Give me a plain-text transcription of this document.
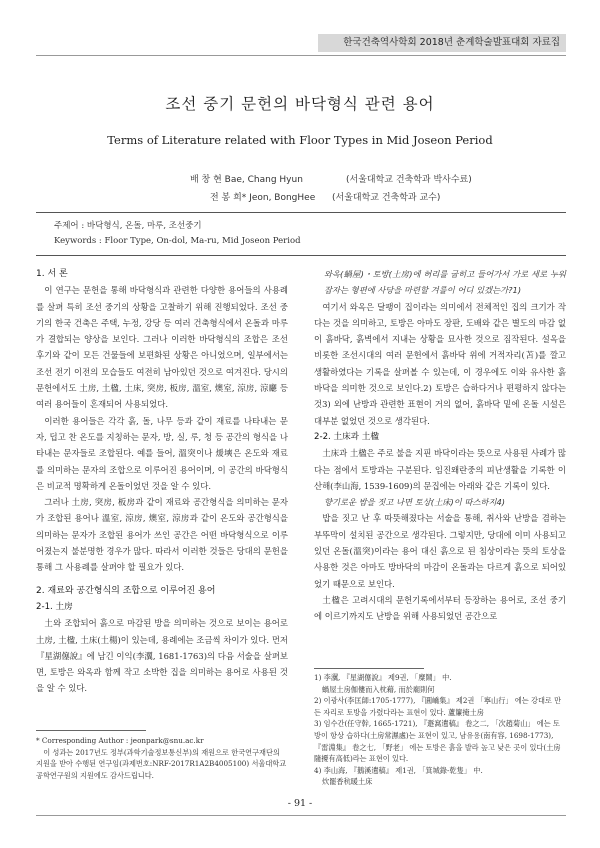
한국건축역사학회 2018년 춘계학술발표대회 자료집
조선 중기 문헌의 바닥형식 관련 용어
Terms of Literature related with Floor Types in Mid Joseon Period
배 창 현 Bae, Chang Hyun	(서울대학교 건축학과 박사수료)
전 봉 희* Jeon, BongHee (서울대학교 건축학과 교수)
주제어 : 바닥형식, 온돌, 마루, 조선중기
Keywords : Floor Type, On-dol, Ma-ru, Mid Joseon Period

1. 서 론

이 연구는 문헌을 통해 바닥형식과 관련한 다양한 용어들의 사용례를 살펴 특히 조선 중기의 상황을 고찰하기 위해 진행되었다. 조선 중기의 한국 건축은 주택, 누정, 강당 등 여러 건축형식에서 온돌과 마루가 결합되는 양상을 보인다. 그러나 이러한 바닥형식의 조합은 조선 후기와 같이 모든 건물들에 보편화된 상황은 아니었으며, 일부에서는 조선 전기 이전의 모습들도 여전히 남아있던 것으로 여겨진다. 당시의 문헌에서도 土房, 土楹, 土床, 突房, 板房, 溫室, 燠室, 涼房, 涼廳 등 여러 용어들이 혼재되어 사용되었다.

이러한 용어들은 각각 흙, 돌, 나무 등과 같이 재료를 나타내는 문자, 덥고 찬 온도를 지칭하는 문자, 방, 실, 루, 청 등 공간의 형식을 나타내는 문자들로 조합된다. 예를 들어, 溫突이나 煖塽은 온도와 재료를 의미하는 문자의 조합으로 이루어진 용어이며, 이 공간의 바닥형식은 비교적 명확하게 온돌이었던 것을 알 수 있다.

그러나 土房, 突房, 板房과 같이 재료와 공간형식을 의미하는 문자가 조합된 용어나 溫室, 涼房, 燠室, 涼房과 같이 온도와 공간형식을 의미하는 문자가 조합된 용어가 쓰인 공간은 어떤 바닥형식으로 이루어졌는지 불분명한 경우가 많다. 따라서 이러한 것들은 당대의 문헌을 통해 그 사용례를 살펴야 할 필요가 있다.

2. 재료와 공간형식의 조합으로 이루어진 용어

2-1. 土房

土와 조합되어 흙으로 마감된 방을 의미하는 것으로 보이는 용어로 土房, 土楹, 土床(土楊)이 있는데, 용례에는 조금씩 차이가 있다. 먼저 『星湖僿說』에 남긴 이익(李瀷, 1681-1763)의 다음 서술을 살펴보면, 토방은 와옥과 함께 작고 소박한 집을 의미하는 용어로 사용된 것을 알 수 있다.

* Corresponding Author : jeonpark@snu.ac.kr
이 성과는 2017년도 정부(과학기술정보통신부)의 재원으로 한국연구재단의 지원을 받아 수행된 연구임(과제번호:NRF-2017R1A2B4005100) 서울대학교 공학연구원의 지원에도 감사드립니다.

와옥(蝸屋)・토방(土房)에 허리를 굽히고 들어가서 가로 세로 누워 잡자는 형편에 사당을 마련할 겨를이 어디 있겠는가?1)

여기서 와옥은 달팽이 집이라는 의미에서 전체적인 집의 크기가 작다는 것을 의미하고, 토방은 아마도 장판, 도배와 같은 별도의 마감 없이 흙바닥, 흙벽에서 지내는 상황을 묘사한 것으로 짐작된다. 설옥을 비롯한 조선시대의 여러 문헌에서 흙바닥 위에 거적자리(苫)를 깔고 생활하였다는 기록을 살펴볼 수 있는데, 이 경우에도 이와 유사한 흙바닥을 의미한 것으로 보인다.2) 토방은 습하다거나 편평하지 않다는 것3) 외에 난방과 관련한 표현이 거의 없어, 흙바닥 밑에 온돌 시설은 대부분 없었던 것으로 생각된다.

2-2. 土床과 土楹

土床과 土楹은 주로 불을 지핀 바닥이라는 뜻으로 사용된 사례가 많다는 점에서 토방과는 구분된다. 임진왜란중의 피난생활을 기록한 이산해(李山海, 1539-1609)의 문집에는 아래와 같은 기록이 있다.

향기로운 밥을 짓고 나면 토상(土床)이 따스하지4)

밥을 짓고 난 후 따뜻해졌다는 서술을 통해, 취사와 난방을 겸하는 부뚜막이 설치된 공간으로 생각된다. 그렇지만, 당대에 이미 사용되고 있던 온돌(溫突)이라는 용어 대신 흙으로 된 침상이라는 뜻의 토상을 사용한 것은 아마도 방바닥의 마감이 온돌과는 다르게 흙으로 되어있었기 때문으로 보인다.

土楹은 고려시대의 문헌기록에서부터 등장하는 용어로, 조선 중기에 이르기까지도 난방을 위해 사용되었던 공간으로

1) 李瀷, 『星湖僿說』 제9권, 「糜鬧」 中.
蝸屋土房伽僂而入枕藉, 而於廟則何
2) 이광사(李匡師:1705-1777), 『圓嶠集』 제2권 「寧山行」 에는 강대로 만든 자리로 토방을 가렸다라는 표현이 있다. 蘆簾掩土房
3) 임수간(任守幹, 1665-1721), 『遯窩遺稿』 卷之二, 「次趙菊山」 에는 토방이 항상 습하다(土房常濕處)는 표현이 있고, 남유용(南有容, 1698-1773), 『雷淵集』 卷之七, 「野老」 에는 토방은 흙을 발라 높고 낮은 곳이 있다(土房隨擾有高低)라는 표현이 있다.
4) 李山海, 『鵝溪遺稿』 제1권, 「箕城錄-乾隻」 中.
炊罷香秔暖土床
- 91 -
